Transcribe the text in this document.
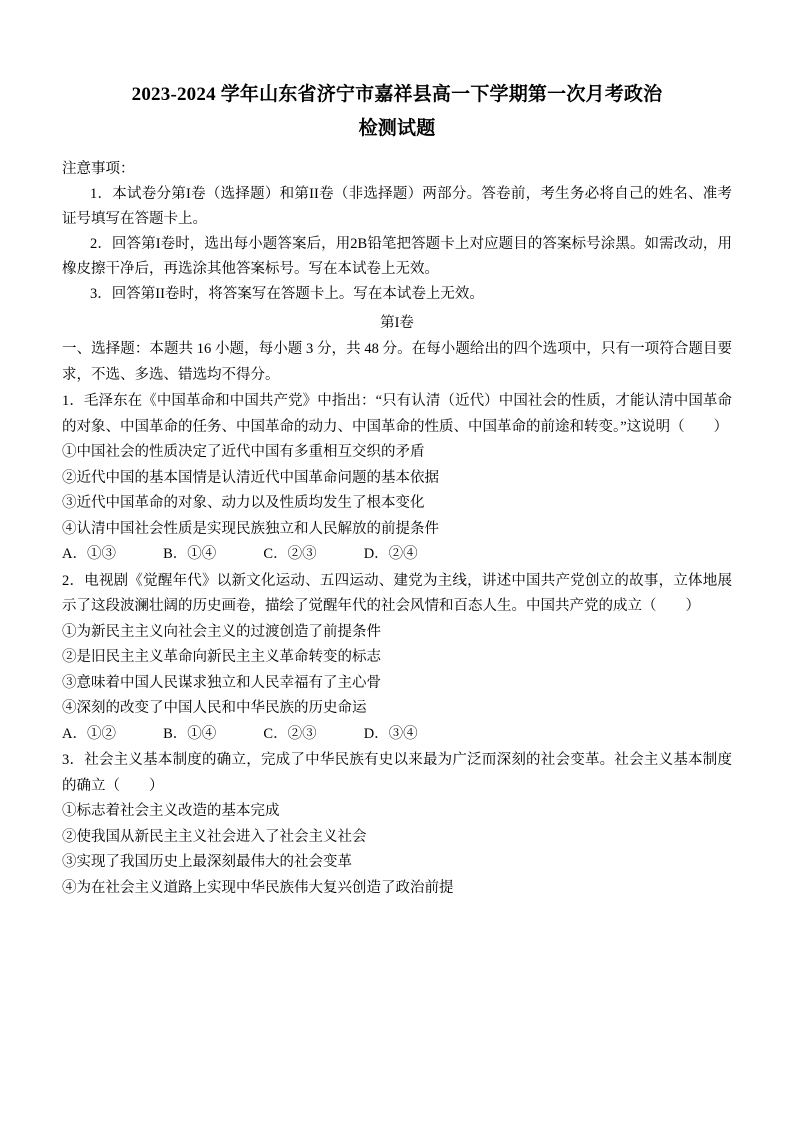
2023-2024 学年山东省济宁市嘉祥县高一下学期第一次月考政治
检测试题
注意事项：
1．本试卷分第I卷（选择题）和第II卷（非选择题）两部分。答卷前，考生务必将自己的姓名、准考证号填写在答题卡上。
2．回答第I卷时，选出每小题答案后，用2B铅笔把答题卡上对应题目的答案标号涂黑。如需改动，用橡皮擦干净后，再选涂其他答案标号。写在本试卷上无效。
3．回答第II卷时，将答案写在答题卡上。写在本试卷上无效。
第I卷
一、选择题：本题共 16 小题，每小题 3 分，共 48 分。在每小题给出的四个选项中，只有一项符合题目要求，不选、多选、错选均不得分。
1．毛泽东在《中国革命和中国共产党》中指出：“只有认清（近代）中国社会的性质，才能认清中国革命的对象、中国革命的任务、中国革命的动力、中国革命的性质、中国革命的前途和转变。”这说明（　　）
①中国社会的性质决定了近代中国有多重相互交织的矛盾
②近代中国的基本国情是认清近代中国革命问题的基本依据
③近代中国革命的对象、动力以及性质均发生了根本变化
④认清中国社会性质是实现民族独立和人民解放的前提条件
A．①③             B．①④             C．②③             D．②④
2．电视剧《觉醒年代》以新文化运动、五四运动、建党为主线，讲述中国共产党创立的故事，立体地展示了这段波澜壮阔的历史画卷，描绘了觉醒年代的社会风情和百态人生。中国共产党的成立（　　）
①为新民主主义向社会主义的过渡创造了前提条件
②是旧民主主义革命向新民主主义革命转变的标志
③意味着中国人民谋求独立和人民幸福有了主心骨
④深刻的改变了中国人民和中华民族的历史命运
A．①②             B．①④             C．②③             D．③④
3．社会主义基本制度的确立，完成了中华民族有史以来最为广泛而深刻的社会变革。社会主义基本制度的确立（　　）
①标志着社会主义改造的基本完成
②使我国从新民主主义社会进入了社会主义社会
③实现了我国历史上最深刻最伟大的社会变革
④为在社会主义道路上实现中华民族伟大复兴创造了政治前提
